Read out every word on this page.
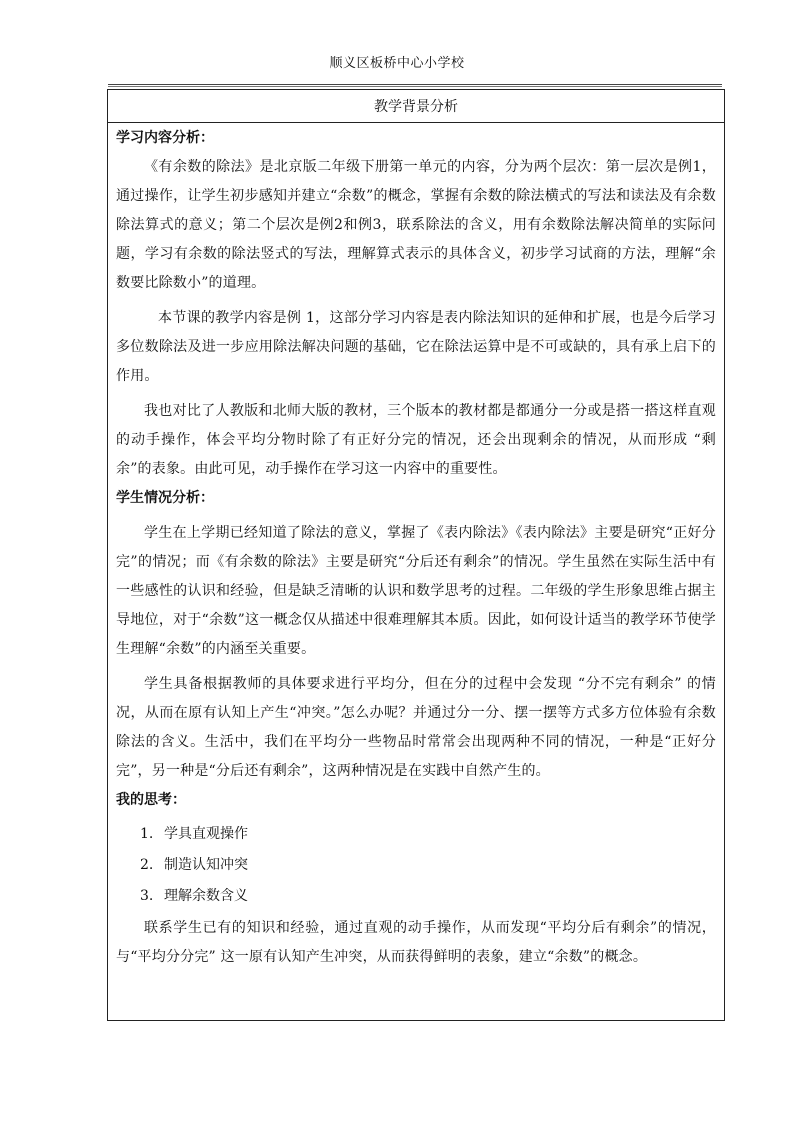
顺义区板桥中心小学校
教学背景分析

学习内容分析：

《有余数的除法》是北京版二年级下册第一单元的内容，分为两个层次：第一层次是例1，通过操作，让学生初步感知并建立“余数”的概念，掌握有余数的除法横式的写法和读法及有余数除法算式的意义；第二个层次是例2和例3，联系除法的含义，用有余数除法解决简单的实际问题，学习有余数的除法竖式的写法，理解算式表示的具体含义，初步学习试商的方法，理解“余数要比除数小”的道理。

本节课的教学内容是例 1，这部分学习内容是表内除法知识的延伸和扩展，也是今后学习多位数除法及进一步应用除法解决问题的基础，它在除法运算中是不可或缺的，具有承上启下的作用。

我也对比了人教版和北师大版的教材，三个版本的教材都是都通分一分或是搭一搭这样直观的动手操作，体会平均分物时除了有正好分完的情况，还会出现剩余的情况，从而形成 “剩余”的表象。由此可见，动手操作在学习这一内容中的重要性。

学生情况分析：

学生在上学期已经知道了除法的意义，掌握了《表内除法》《表内除法》主要是研究“正好分完”的情况；而《有余数的除法》主要是研究“分后还有剩余”的情况。学生虽然在实际生活中有一些感性的认识和经验，但是缺乏清晰的认识和数学思考的过程。二年级的学生形象思维占据主导地位，对于“余数”这一概念仅从描述中很难理解其本质。因此，如何设计适当的教学环节使学生理解“余数”的内涵至关重要。

学生具备根据教师的具体要求进行平均分，但在分的过程中会发现 “分不完有剩余” 的情况，从而在原有认知上产生“冲突。”怎么办呢？并通过分一分、摆一摆等方式多方位体验有余数除法的含义。生活中，我们在平均分一些物品时常常会出现两种不同的情况，一种是“正好分完”，另一种是“分后还有剩余”，这两种情况是在实践中自然产生的。

我的思考：

1. 学具直观操作
2. 制造认知冲突
3. 理解余数含义

联系学生已有的知识和经验，通过直观的动手操作，从而发现“平均分后有剩余”的情况，与“平均分分完” 这一原有认知产生冲突，从而获得鲜明的表象，建立“余数”的概念。
